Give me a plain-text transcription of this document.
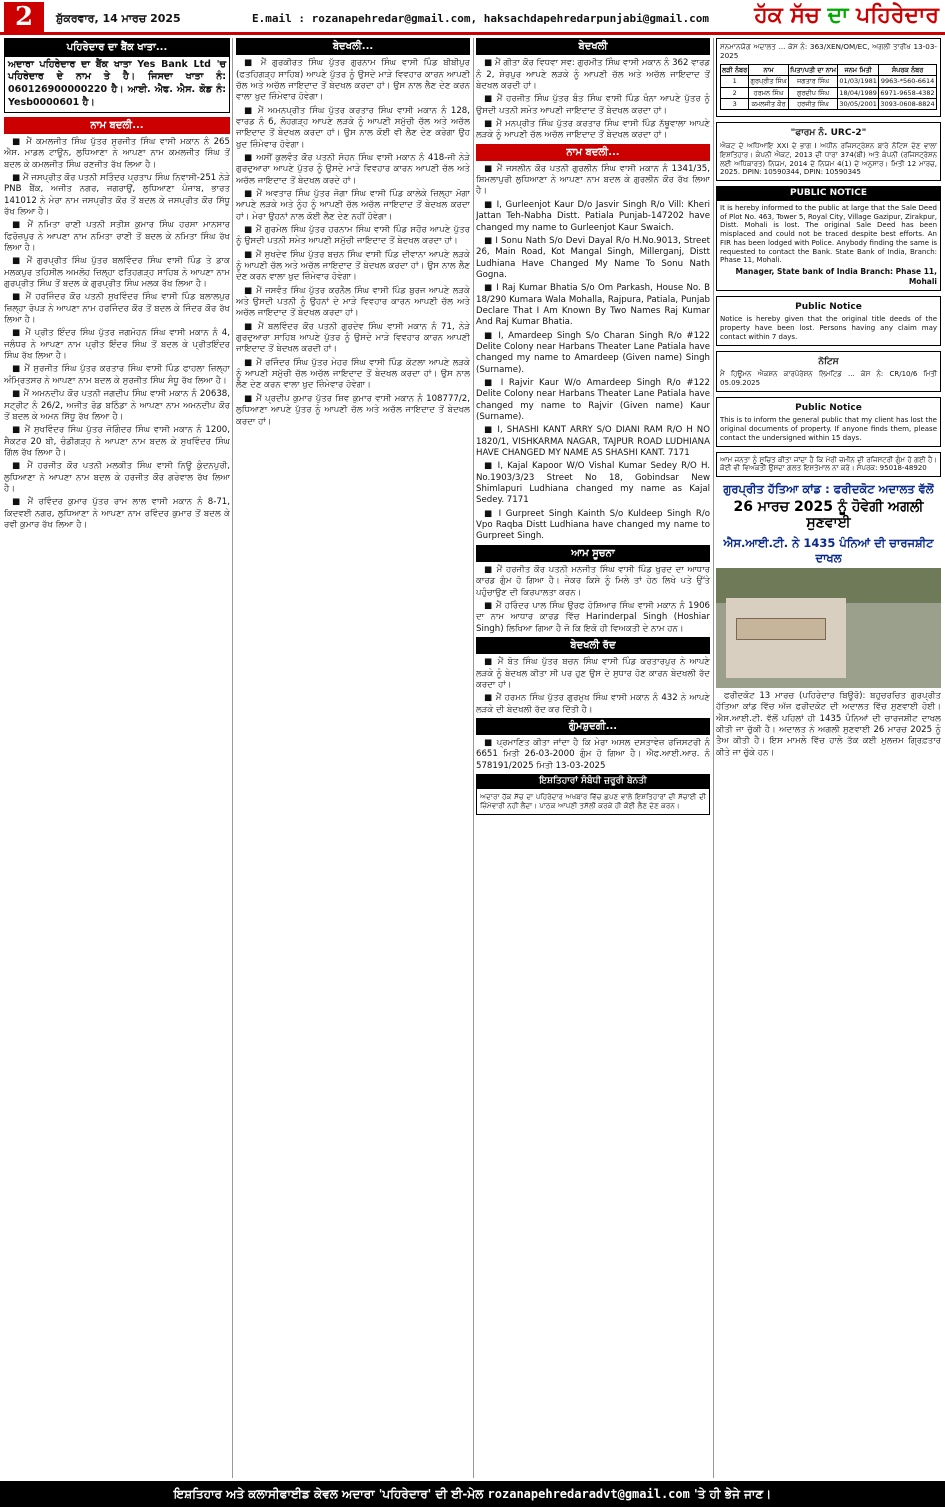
2	ਸ਼ੁੱਕਰਵਾਰ, 14 ਮਾਰਚ 2025	E.mail : rozanapehredar@gmail.com, haksachdapehredarpunjabi@gmail.com ਹੱਕ ਸੱਚ ਦਾ ਪਹਿਰੇਦਾਰ
ਪਹਿਰੇਦਾਰ ਦਾ ਬੈਂਕ ਖਾਤਾ...
ਅਦਾਰਾ ਪਹਿਰੇਦਾਰ ਦਾ ਬੈਂਕ ਖਾਤਾ Yes Bank Ltd 'ਚ ਪਹਿਰੇਦਾਰ ਦੇ ਨਾਮ ਤੇ ਹੈ। ਜਿਸਦਾ ਖਾਤਾ ਨੰ: 060126900000220 ਹੈ। ਆਈ. ਐਫ. ਐਸ. ਕੋਡ ਨੰ: Yesb0000601 ਹੈ।
ਨਾਮ ਬਦਲੀ...
■ ਮੈਂ ਕਮਲਜੀਤ ਸਿੰਘ ਪੁੱਤਰ ਸੁਰਜੀਤ ਸਿੰਘ ਵਾਸੀ ਮਕਾਨ ਨੰ 265 ਐਸ. ਮਾਡਲ ਟਾਊਨ, ਲੁਧਿਆਣਾ ਨੇ ਆਪਣਾ ਨਾਮ ਕਮਲਜੀਤ ਸਿੰਘ ਤੋਂ ਬਦਲ ਕੇ ਕਮਲਜੀਤ ਸਿੰਘ ਰਣਜੀਤ ਰੱਖ ਲਿਆ ਹੈ।
■ ਮੈਂ ਜਸਪ੍ਰੀਤ ਕੌਰ ਪਤਨੀ ਸਤਿੰਦਰ ਪ੍ਰਤਾਪ ਸਿੰਘ ਨਿਵਾਸੀ-251 ਨੇੜੇ PNB ਬੈਂਕ, ਅਜੀਤ ਨਗਰ, ਜਗਰਾਉਂ, ਲੁਧਿਆਣਾ ਪੰਜਾਬ, ਭਾਰਤ 141012 ਨੇ ਮੇਰਾ ਨਾਮ ਜਸਪ੍ਰੀਤ ਕੌਰ ਤੋਂ ਬਦਲ ਕੇ ਜਸਪ੍ਰੀਤ ਕੌਰ ਸਿੱਧੂ ਰੱਖ ਲਿਆ ਹੈ।
■ ਮੈਂ ਨਮਿਤਾ ਰਾਣੀ ਪਤਨੀ ਸਤੀਸ਼ ਕੁਮਾਰ ਸਿੰਘ ਹਰਸਾ ਮਾਨਸਾਰ ਫਿਰੋਜ਼ਪੁਰ ਨੇ ਆਪਣਾ ਨਾਮ ਨਮਿਤਾ ਰਾਣੀ ਤੋਂ ਬਦਲ ਕੇ ਨਮਿਤਾ ਸਿੰਘ ਰੱਖ ਲਿਆ ਹੈ।
■ ਮੈਂ ਗੁਰਪ੍ਰੀਤ ਸਿੰਘ ਪੁੱਤਰ ਬਲਵਿੰਦਰ ਸਿੰਘ ਵਾਸੀ ਪਿੰਡ ਤੇ ਡਾਕ ਮਲਕਪੁਰ ਤਹਿਸੀਲ ਅਮਲੋਹ ਜ਼ਿਲ੍ਹਾ ਫਤਿਹਗੜ੍ਹ ਸਾਹਿਬ ਨੇ ਆਪਣਾ ਨਾਮ ਗੁਰਪ੍ਰੀਤ ਸਿੰਘ ਤੋਂ ਬਦਲ ਕੇ ਗੁਰਪ੍ਰੀਤ ਸਿੰਘ ਮਲਕ ਰੱਖ ਲਿਆ ਹੈ।
■ ਮੈਂ ਹਰਜਿੰਦਰ ਕੌਰ ਪਤਨੀ ਸੁਖਵਿੰਦਰ ਸਿੰਘ ਵਾਸੀ ਪਿੰਡ ਬਲਾਲਪੁਰ ਜ਼ਿਲ੍ਹਾ ਰੋਪੜ ਨੇ ਆਪਣਾ ਨਾਮ ਹਰਜਿੰਦਰ ਕੌਰ ਤੋਂ ਬਦਲ ਕੇ ਜਿੰਦਰ ਕੌਰ ਰੱਖ ਲਿਆ ਹੈ।
■ ਮੈਂ ਪ੍ਰੀਤ ਇੰਦਰ ਸਿੰਘ ਪੁੱਤਰ ਜਗਮੋਹਨ ਸਿੰਘ ਵਾਸੀ ਮਕਾਨ ਨੰ 4, ਜਲੰਧਰ ਨੇ ਆਪਣਾ ਨਾਮ ਪ੍ਰੀਤ ਇੰਦਰ ਸਿੰਘ ਤੋਂ ਬਦਲ ਕੇ ਪ੍ਰੀਤਇੰਦਰ ਸਿੰਘ ਰੱਖ ਲਿਆ ਹੈ।
■ ਮੈਂ ਸੁਰਜੀਤ ਸਿੰਘ ਪੁੱਤਰ ਕਰਤਾਰ ਸਿੰਘ ਵਾਸੀ ਪਿੰਡ ਫਾਹਲਾ ਜ਼ਿਲ੍ਹਾ ਅੰਮ੍ਰਿਤਸਰ ਨੇ ਆਪਣਾ ਨਾਮ ਬਦਲ ਕੇ ਸੁਰਜੀਤ ਸਿੰਘ ਸੰਧੂ ਰੱਖ ਲਿਆ ਹੈ।
■ ਮੈਂ ਅਮਨਦੀਪ ਕੌਰ ਪਤਨੀ ਜਗਦੀਪ ਸਿੰਘ ਵਾਸੀ ਮਕਾਨ ਨੰ 20638, ਸਟ੍ਰੀਟ ਨੰ 26/2, ਅਜੀਤ ਰੋਡ ਬਠਿੰਡਾ ਨੇ ਆਪਣਾ ਨਾਮ ਅਮਨਦੀਪ ਕੌਰ ਤੋਂ ਬਦਲ ਕੇ ਅਮਨ ਸਿੱਧੂ ਰੱਖ ਲਿਆ ਹੈ।
■ ਮੈਂ ਸੁਖਵਿੰਦਰ ਸਿੰਘ ਪੁੱਤਰ ਜੋਗਿੰਦਰ ਸਿੰਘ ਵਾਸੀ ਮਕਾਨ ਨੰ 1200, ਸੈਕਟਰ 20 ਬੀ, ਚੰਡੀਗੜ੍ਹ ਨੇ ਆਪਣਾ ਨਾਮ ਬਦਲ ਕੇ ਸੁਖਵਿੰਦਰ ਸਿੰਘ ਗਿੱਲ ਰੱਖ ਲਿਆ ਹੈ।
■ ਮੈਂ ਹਰਜੀਤ ਕੌਰ ਪਤਨੀ ਮਲਕੀਤ ਸਿੰਘ ਵਾਸੀ ਨਿਊ ਕੁੰਦਨਪੁਰੀ, ਲੁਧਿਆਣਾ ਨੇ ਆਪਣਾ ਨਾਮ ਬਦਲ ਕੇ ਹਰਜੀਤ ਕੌਰ ਗਰੇਵਾਲ ਰੱਖ ਲਿਆ ਹੈ।
■ ਮੈਂ ਰਵਿੰਦਰ ਕੁਮਾਰ ਪੁੱਤਰ ਰਾਮ ਲਾਲ ਵਾਸੀ ਮਕਾਨ ਨੰ 8-71, ਕਿਦਵਈ ਨਗਰ, ਲੁਧਿਆਣਾ ਨੇ ਆਪਣਾ ਨਾਮ ਰਵਿੰਦਰ ਕੁਮਾਰ ਤੋਂ ਬਦਲ ਕੇ ਰਵੀ ਕੁਮਾਰ ਰੱਖ ਲਿਆ ਹੈ।
ਬੇਦਖਲੀ...
■ ਮੈਂ ਗੁਰਕੀਰਤ ਸਿੰਘ ਪੁੱਤਰ ਗੁਰਨਾਮ ਸਿੰਘ ਵਾਸੀ ਪਿੰਡ ਬੀਬੀਪੁਰ (ਫਤਹਿਗੜ੍ਹ ਸਾਹਿਬ) ਆਪਣੇ ਪੁੱਤਰ ਨੂੰ ਉਸਦੇ ਮਾੜੇ ਵਿਵਹਾਰ ਕਾਰਨ ਆਪਣੀ ਚੱਲ ਅਤੇ ਅਚੱਲ ਜਾਇਦਾਦ ਤੋਂ ਬੇਦਖਲ ਕਰਦਾ ਹਾਂ। ਉਸ ਨਾਲ ਲੈਣ ਦੇਣ ਕਰਨ ਵਾਲਾ ਖੁਦ ਜ਼ਿੰਮੇਵਾਰ ਹੋਵੇਗਾ।
■ ਮੈਂ ਅਮਨਪ੍ਰੀਤ ਸਿੰਘ ਪੁੱਤਰ ਕਰਤਾਰ ਸਿੰਘ ਵਾਸੀ ਮਕਾਨ ਨੰ 128, ਵਾਰਡ ਨੰ 6, ਲੋਹਗੜ੍ਹ ਆਪਣੇ ਲੜਕੇ ਨੂੰ ਆਪਣੀ ਸਮੁੱਚੀ ਚੱਲ ਅਤੇ ਅਚੱਲ ਜਾਇਦਾਦ ਤੋਂ ਬੇਦਖਲ ਕਰਦਾ ਹਾਂ। ਉਸ ਨਾਲ ਕੋਈ ਵੀ ਲੈਣ ਦੇਣ ਕਰੇਗਾ ਉਹ ਖੁਦ ਜ਼ਿੰਮੇਵਾਰ ਹੋਵੇਗਾ।
■ ਅਸੀਂ ਕੁਲਵੰਤ ਕੌਰ ਪਤਨੀ ਸੋਹਨ ਸਿੰਘ ਵਾਸੀ ਮਕਾਨ ਨੰ 418-ਜੀ ਨੇੜੇ ਗੁਰਦੁਆਰਾ ਆਪਣੇ ਪੁੱਤਰ ਨੂੰ ਉਸਦੇ ਮਾੜੇ ਵਿਵਹਾਰ ਕਾਰਨ ਆਪਣੀ ਚੱਲ ਅਤੇ ਅਚੱਲ ਜਾਇਦਾਦ ਤੋਂ ਬੇਦਖਲ ਕਰਦੇ ਹਾਂ।
■ ਮੈਂ ਅਵਤਾਰ ਸਿੰਘ ਪੁੱਤਰ ਜੋਗਾ ਸਿੰਘ ਵਾਸੀ ਪਿੰਡ ਕਾਲੇਕੇ ਜ਼ਿਲ੍ਹਾ ਮੋਗਾ ਆਪਣੇ ਲੜਕੇ ਅਤੇ ਨੂੰਹ ਨੂੰ ਆਪਣੀ ਚੱਲ ਅਚੱਲ ਜਾਇਦਾਦ ਤੋਂ ਬੇਦਖਲ ਕਰਦਾ ਹਾਂ। ਮੇਰਾ ਉਹਨਾਂ ਨਾਲ ਕੋਈ ਲੈਣ ਦੇਣ ਨਹੀਂ ਹੋਵੇਗਾ।
■ ਮੈਂ ਗੁਰਮੇਲ ਸਿੰਘ ਪੁੱਤਰ ਹਰਨਾਮ ਸਿੰਘ ਵਾਸੀ ਪਿੰਡ ਸਹੌਰ ਆਪਣੇ ਪੁੱਤਰ ਨੂੰ ਉਸਦੀ ਪਤਨੀ ਸਮੇਤ ਆਪਣੀ ਸਮੁੱਚੀ ਜਾਇਦਾਦ ਤੋਂ ਬੇਦਖਲ ਕਰਦਾ ਹਾਂ।
■ ਮੈਂ ਸੁਖਦੇਵ ਸਿੰਘ ਪੁੱਤਰ ਬਚਨ ਸਿੰਘ ਵਾਸੀ ਪਿੰਡ ਦੀਵਾਨਾ ਆਪਣੇ ਲੜਕੇ ਨੂੰ ਆਪਣੀ ਚੱਲ ਅਤੇ ਅਚੱਲ ਜਾਇਦਾਦ ਤੋਂ ਬੇਦਖਲ ਕਰਦਾ ਹਾਂ। ਉਸ ਨਾਲ ਲੈਣ ਦੇਣ ਕਰਨ ਵਾਲਾ ਖੁਦ ਜ਼ਿੰਮੇਵਾਰ ਹੋਵੇਗਾ।
■ ਮੈਂ ਜਸਵੰਤ ਸਿੰਘ ਪੁੱਤਰ ਕਰਨੈਲ ਸਿੰਘ ਵਾਸੀ ਪਿੰਡ ਬੁਰਜ ਆਪਣੇ ਲੜਕੇ ਅਤੇ ਉਸਦੀ ਪਤਨੀ ਨੂੰ ਉਹਨਾਂ ਦੇ ਮਾੜੇ ਵਿਵਹਾਰ ਕਾਰਨ ਆਪਣੀ ਚੱਲ ਅਤੇ ਅਚੱਲ ਜਾਇਦਾਦ ਤੋਂ ਬੇਦਖਲ ਕਰਦਾ ਹਾਂ।
■ ਮੈਂ ਬਲਵਿੰਦਰ ਕੌਰ ਪਤਨੀ ਗੁਰਦੇਵ ਸਿੰਘ ਵਾਸੀ ਮਕਾਨ ਨੰ 71, ਨੇੜੇ ਗੁਰਦੁਆਰਾ ਸਾਹਿਬ ਆਪਣੇ ਪੁੱਤਰ ਨੂੰ ਉਸਦੇ ਮਾੜੇ ਵਿਵਹਾਰ ਕਾਰਨ ਆਪਣੀ ਜਾਇਦਾਦ ਤੋਂ ਬੇਦਖਲ ਕਰਦੀ ਹਾਂ।
■ ਮੈਂ ਰਜਿੰਦਰ ਸਿੰਘ ਪੁੱਤਰ ਮੇਹਰ ਸਿੰਘ ਵਾਸੀ ਪਿੰਡ ਕੋਟਲਾ ਆਪਣੇ ਲੜਕੇ ਨੂੰ ਆਪਣੀ ਸਮੁੱਚੀ ਚੱਲ ਅਚੱਲ ਜਾਇਦਾਦ ਤੋਂ ਬੇਦਖਲ ਕਰਦਾ ਹਾਂ। ਉਸ ਨਾਲ ਲੈਣ ਦੇਣ ਕਰਨ ਵਾਲਾ ਖੁਦ ਜ਼ਿੰਮੇਵਾਰ ਹੋਵੇਗਾ।
■ ਮੈਂ ਪ੍ਰਦੀਪ ਕੁਮਾਰ ਪੁੱਤਰ ਸ਼ਿਵ ਕੁਮਾਰ ਵਾਸੀ ਮਕਾਨ ਨੰ 108777/2, ਲੁਧਿਆਣਾ ਆਪਣੇ ਪੁੱਤਰ ਨੂੰ ਆਪਣੀ ਚੱਲ ਅਤੇ ਅਚੱਲ ਜਾਇਦਾਦ ਤੋਂ ਬੇਦਖਲ ਕਰਦਾ ਹਾਂ।
ਬੇਦਖਲੀ
■ ਮੈਂ ਗੀਤਾ ਕੌਰ ਵਿਧਵਾ ਸਵ: ਗੁਰਮੀਤ ਸਿੰਘ ਵਾਸੀ ਮਕਾਨ ਨੰ 362 ਵਾਰਡ ਨੰ 2, ਸ਼ੇਰਪੁਰ ਆਪਣੇ ਲੜਕੇ ਨੂੰ ਆਪਣੀ ਚੱਲ ਅਤੇ ਅਚੱਲ ਜਾਇਦਾਦ ਤੋਂ ਬੇਦਖਲ ਕਰਦੀ ਹਾਂ।
■ ਮੈਂ ਹਰਜੀਤ ਸਿੰਘ ਪੁੱਤਰ ਬੰਤ ਸਿੰਘ ਵਾਸੀ ਪਿੰਡ ਖੰਨਾ ਆਪਣੇ ਪੁੱਤਰ ਨੂੰ ਉਸਦੀ ਪਤਨੀ ਸਮੇਤ ਆਪਣੀ ਜਾਇਦਾਦ ਤੋਂ ਬੇਦਖਲ ਕਰਦਾ ਹਾਂ।
■ ਮੈਂ ਮਨਪ੍ਰੀਤ ਸਿੰਘ ਪੁੱਤਰ ਕਰਤਾਰ ਸਿੰਘ ਵਾਸੀ ਪਿੰਡ ਨੱਥੂਵਾਲਾ ਆਪਣੇ ਲੜਕੇ ਨੂੰ ਆਪਣੀ ਚੱਲ ਅਚੱਲ ਜਾਇਦਾਦ ਤੋਂ ਬੇਦਖਲ ਕਰਦਾ ਹਾਂ।
ਨਾਮ ਬਦਲੀ...
■ ਮੈਂ ਜਸਲੀਨ ਕੌਰ ਪਤਨੀ ਗੁਰਲੀਨ ਸਿੰਘ ਵਾਸੀ ਮਕਾਨ ਨੰ 1341/35, ਸ਼ਿਮਲਾਪੁਰੀ ਲੁਧਿਆਣਾ ਨੇ ਆਪਣਾ ਨਾਮ ਬਦਲ ਕੇ ਗੁਰਲੀਨ ਕੌਰ ਰੱਖ ਲਿਆ ਹੈ।
■ I, Gurleenjot Kaur D/o Jasvir Singh R/o Vill: Kheri Jattan Teh-Nabha Distt. Patiala Punjab-147202 have changed my name to Gurleenjot Kaur Swaich.
■ I Sonu Nath S/o Devi Dayal R/o H.No.9013, Street 26, Main Road, Kot Mangal Singh, Millerganj, Distt Ludhiana Have Changed My Name To Sonu Nath Gogna.
■ I Raj Kumar Bhatia S/o Om Parkash, House No. B 18/290 Kumara Wala Mohalla, Rajpura, Patiala, Punjab Declare That I Am Known By Two Names Raj Kumar And Raj Kumar Bhatia.
■ I, Amardeep Singh S/o Charan Singh R/o #122 Delite Colony near Harbans Theater Lane Patiala have changed my name to Amardeep (Given name) Singh (Surname).
■ I Rajvir Kaur W/o Amardeep Singh R/o #122 Delite Colony near Harbans Theater Lane Patiala have changed my name to Rajvir (Given name) Kaur (Surname).
■ I, SHASHI KANT ARRY S/O DIANI RAM R/O H NO 1820/1, VISHKARMA NAGAR, TAJPUR ROAD LUDHIANA HAVE CHANGED MY NAME AS SHASHI KANT. 7171
■ I, Kajal Kapoor W/O Vishal Kumar Sedey R/O H. No.1903/3/23 Street No 18, Gobindsar New Shimlapuri Ludhiana changed my name as Kajal Sedey. 7171
■ I Gurpreet Singh Kainth S/o Kuldeep Singh R/o Vpo Raqba Distt Ludhiana have changed my name to Gurpreet Singh.
ਆਮ ਸੂਚਨਾ
■ ਮੈਂ ਹਰਜੀਤ ਕੌਰ ਪਤਨੀ ਮਨਜੀਤ ਸਿੰਘ ਵਾਸੀ ਪਿੰਡ ਖੁਰਦ ਦਾ ਆਧਾਰ ਕਾਰਡ ਗੁੰਮ ਹੋ ਗਿਆ ਹੈ। ਜੇਕਰ ਕਿਸੇ ਨੂੰ ਮਿਲੇ ਤਾਂ ਹੇਠ ਲਿਖੇ ਪਤੇ ਉੱਤੇ ਪਹੁੰਚਾਉਣ ਦੀ ਕਿਰਪਾਲਤਾ ਕਰਨ।
■ ਮੈਂ ਹਰਿੰਦਰ ਪਾਲ ਸਿੰਘ ਉਰਫ ਹੋਸ਼ਿਆਰ ਸਿੰਘ ਵਾਸੀ ਮਕਾਨ ਨੰ 1906 ਦਾ ਨਾਮ ਆਧਾਰ ਕਾਰਡ ਵਿੱਚ Harinderpal Singh (Hoshiar Singh) ਲਿਖਿਆ ਗਿਆ ਹੈ ਜੋ ਕਿ ਇਕੋ ਹੀ ਵਿਅਕਤੀ ਦੇ ਨਾਮ ਹਨ।
ਬੇਦਖਲੀ ਰੱਦ
■ ਮੈਂ ਬੋਤ ਸਿੰਘ ਪੁੱਤਰ ਬਚਨ ਸਿੰਘ ਵਾਸੀ ਪਿੰਡ ਕਰਤਾਰਪੁਰ ਨੇ ਆਪਣੇ ਲੜਕੇ ਨੂੰ ਬੇਦਖਲ ਕੀਤਾ ਸੀ ਪਰ ਹੁਣ ਉਸ ਦੇ ਸੁਧਾਰ ਹੋਣ ਕਾਰਨ ਬੇਦਖਲੀ ਰੱਦ ਕਰਦਾ ਹਾਂ।
■ ਮੈਂ ਹਰਮਨ ਸਿੰਘ ਪੁੱਤਰ ਗੁਰਮੁਖ ਸਿੰਘ ਵਾਸੀ ਮਕਾਨ ਨੰ 432 ਨੇ ਆਪਣੇ ਲੜਕੇ ਦੀ ਬੇਦਖਲੀ ਰੱਦ ਕਰ ਦਿੱਤੀ ਹੈ।
ਗੁੰਮਸ਼ੁਦਗੀ...
■ ਪ੍ਰਮਾਣਿਤ ਕੀਤਾ ਜਾਂਦਾ ਹੈ ਕਿ ਮੇਰਾ ਅਸਲ ਦਸਤਾਵੇਜ਼ ਰਜਿਸਟਰੀ ਨੰ 6651 ਮਿਤੀ 26-03-2000 ਗੁੰਮ ਹੋ ਗਿਆ ਹੈ। ਐਫ.ਆਈ.ਆਰ. ਨੰ 578191/2025 ਮਿਤੀ 13-03-2025
ਇਸ਼ਤਿਹਾਰਾਂ ਸੰਬੰਧੀ ਜ਼ਰੂਰੀ ਬੇਨਤੀ
ਅਦਾਰਾ ਹੱਕ ਸੱਚ ਦਾ ਪਹਿਰੇਦਾਰ ਅਖਬਾਰ ਵਿੱਚ ਛਪਣ ਵਾਲੇ ਇਸ਼ਤਿਹਾਰਾਂ ਦੀ ਸੱਚਾਈ ਦੀ ਜ਼ਿੰਮੇਵਾਰੀ ਨਹੀਂ ਲੈਂਦਾ। ਪਾਠਕ ਆਪਣੀ ਤਸੱਲੀ ਕਰਕੇ ਹੀ ਕੋਈ ਲੈਣ ਦੇਣ ਕਰਨ।
ਸਨਮਾਨਯੋਗ ਅਦਾਲਤ ... ਕੇਸ ਨੰ: 363/XEN/OM/EC, ਅਗਲੀ ਤਾਰੀਖ 13-03-2025
ਲੜੀ ਨੰਬਰ	ਨਾਮ	ਪਿਤਾ/ਪਤੀ ਦਾ ਨਾਮ	ਜਨਮ ਮਿਤੀ	ਸੰਪਰਕ ਨੰਬਰ
1	ਗੁਰਪ੍ਰੀਤ ਸਿੰਘ	ਜਗਤਾਰ ਸਿੰਘ	01/03/1981	9963-*560-6614
2	ਹਰਮਨ ਸਿੰਘ	ਗੁਰਦੀਪ ਸਿੰਘ	18/04/1989	6971-9658-4382
3	ਕਮਲਜੀਤ ਕੌਰ	ਹਰਜੀਤ ਸਿੰਘ	30/05/2001	3093-0608-8824
"ਫਾਰਮ ਨੰ. URC-2"
ਐਕਟ ਦੇ ਅਧਿਆਇ XXI ਦੇ ਭਾਗ I ਅਧੀਨ ਰਜਿਸਟ੍ਰੇਸ਼ਨ ਬਾਰੇ ਨੋਟਿਸ ਦੇਣ ਵਾਲਾ ਇਸ਼ਤਿਹਾਰ। ਕੰਪਨੀ ਐਕਟ, 2013 ਦੀ ਧਾਰਾ 374(ਬੀ) ਅਤੇ ਕੰਪਨੀ (ਰਜਿਸਟ੍ਰੇਸ਼ਨ ਲਈ ਅਧਿਕਾਰਤ) ਨਿਯਮ, 2014 ਦੇ ਨਿਯਮ 4(1) ਦੇ ਅਨੁਸਾਰ। ਮਿਤੀ 12 ਮਾਰਚ, 2025. DPIN: 10590344, DPIN: 10590345
PUBLIC NOTICE
It is hereby informed to the public at large that the Sale Deed of Plot No. 463, Tower 5, Royal City, Village Gazipur, Zirakpur, Distt. Mohali is lost. The original Sale Deed has been misplaced and could not be traced despite best efforts. An FIR has been lodged with Police. Anybody finding the same is requested to contact the Bank. State Bank of India, Branch: Phase 11, Mohali.
Manager, State bank of India Branch: Phase 11, Mohali
Public Notice
Notice is hereby given that the original title deeds of the property have been lost. Persons having any claim may contact within 7 days.
ਨੋਟਿਸ
ਮੈਂ ਹਿਊਮਨ ਐਕਸ਼ਨ ਕਾਰਪੋਰੇਸ਼ਨ ਲਿਮਟਿਡ ... ਕੇਸ ਨੰ: CR/10/6 ਮਿਤੀ 05.09.2025
Public Notice
This is to inform the general public that my client has lost the original documents of property. If anyone finds them, please contact the undersigned within 15 days.
ਆਮ ਜਨਤਾ ਨੂੰ ਸੂਚਿਤ ਕੀਤਾ ਜਾਂਦਾ ਹੈ ਕਿ ਮੇਰੀ ਜ਼ਮੀਨ ਦੀ ਰਜਿਸਟਰੀ ਗੁੰਮ ਹੋ ਗਈ ਹੈ। ਕੋਈ ਵੀ ਵਿਅਕਤੀ ਉਸਦਾ ਗਲਤ ਇਸਤੇਮਾਲ ਨਾ ਕਰੇ। ਸੰਪਰਕ: 95018-48920
ਗੁਰਪ੍ਰੀਤ ਹੱਤਿਆ ਕਾਂਡ : ਫਰੀਦਕੋਟ ਅਦਾਲਤ ਵੱਲੋਂ
26 ਮਾਰਚ 2025 ਨੂੰ ਹੋਵੇਗੀ ਅਗਲੀ ਸੁਣਵਾਈ
ਐਸ.ਆਈ.ਟੀ. ਨੇ 1435 ਪੰਨਿਆਂ ਦੀ ਚਾਰਜਸ਼ੀਟ ਦਾਖਲ
ਫਰੀਦਕੋਟ 13 ਮਾਰਚ (ਪਹਿਰੇਦਾਰ ਬਿਊਰੋ): ਬਹੁਚਰਚਿਤ ਗੁਰਪ੍ਰੀਤ ਹੱਤਿਆ ਕਾਂਡ ਵਿੱਚ ਅੱਜ ਫਰੀਦਕੋਟ ਦੀ ਅਦਾਲਤ ਵਿੱਚ ਸੁਣਵਾਈ ਹੋਈ। ਐਸ.ਆਈ.ਟੀ. ਵੱਲੋਂ ਪਹਿਲਾਂ ਹੀ 1435 ਪੰਨਿਆਂ ਦੀ ਚਾਰਜਸ਼ੀਟ ਦਾਖਲ ਕੀਤੀ ਜਾ ਚੁੱਕੀ ਹੈ। ਅਦਾਲਤ ਨੇ ਅਗਲੀ ਸੁਣਵਾਈ 26 ਮਾਰਚ 2025 ਨੂੰ ਤੈਅ ਕੀਤੀ ਹੈ। ਇਸ ਮਾਮਲੇ ਵਿੱਚ ਹਾਲੇ ਤੱਕ ਕਈ ਮੁਲਜ਼ਮ ਗ੍ਰਿਫ਼ਤਾਰ ਕੀਤੇ ਜਾ ਚੁੱਕੇ ਹਨ।
ਇਸ਼ਤਿਹਾਰ ਅਤੇ ਕਲਾਸੀਫਾਈਡ ਕੇਵਲ ਅਦਾਰਾ 'ਪਹਿਰੇਦਾਰ' ਦੀ ਈ-ਮੇਲ rozanapehredaradvt@gmail.com 'ਤੇ ਹੀ ਭੇਜੇ ਜਾਣ।
